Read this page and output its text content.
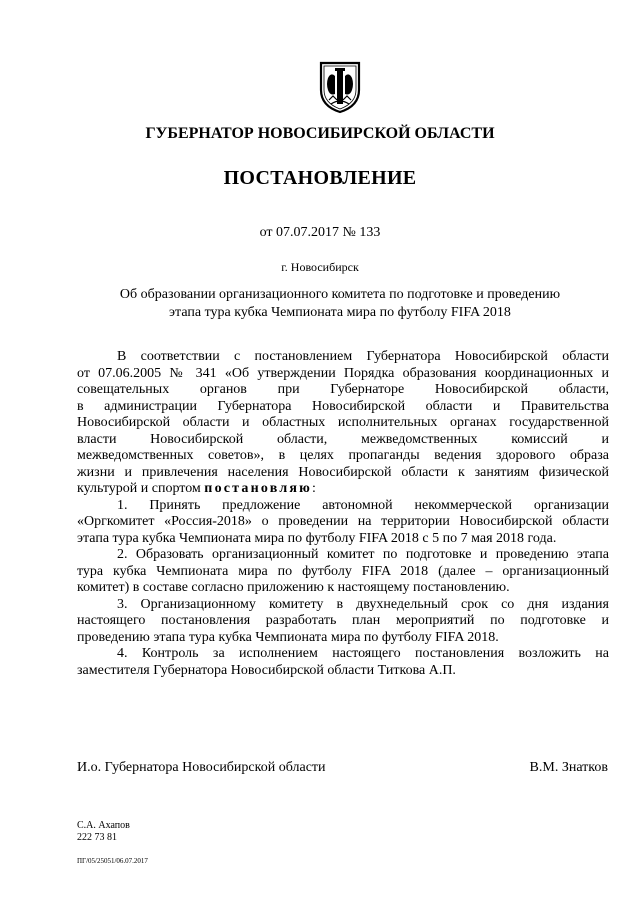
ГУБЕРНАТОР НОВОСИБИРСКОЙ ОБЛАСТИ
ПОСТАНОВЛЕНИЕ
от 07.07.2017 № 133
г. Новосибирск
Об образовании организационного комитета по подготовке и проведению
этапа тура кубка Чемпионата мира по футболу FIFA 2018
В соответствии с постановлением Губернатора Новосибирской области
от 07.06.2005 № 341 «Об утверждении Порядка образования координационных и
совещательных органов при Губернаторе Новосибирской области,
в администрации Губернатора Новосибирской области и Правительства
Новосибирской области и областных исполнительных органах государственной
власти Новосибирской области, межведомственных комиссий и
межведомственных советов», в целях пропаганды ведения здорового образа
жизни и привлечения населения Новосибирской области к занятиям физической
культурой и спортом постановляю:
1. Принять предложение автономной некоммерческой организации
«Оргкомитет «Россия-2018» о проведении на территории Новосибирской области
этапа тура кубка Чемпионата мира по футболу FIFA 2018 с 5 по 7 мая 2018 года.
2. Образовать организационный комитет по подготовке и проведению этапа
тура кубка Чемпионата мира по футболу FIFA 2018 (далее – организационный
комитет) в составе согласно приложению к настоящему постановлению.
3. Организационному комитету в двухнедельный срок со дня издания
настоящего постановления разработать план мероприятий по подготовке и
проведению этапа тура кубка Чемпионата мира по футболу FIFA 2018.
4. Контроль за исполнением настоящего постановления возложить на
заместителя Губернатора Новосибирской области Титкова А.П.
И.о. Губернатора Новосибирской области	В.М. Знатков
С.А. Ахапов
222 73 81
ПГ/05/25051/06.07.2017
